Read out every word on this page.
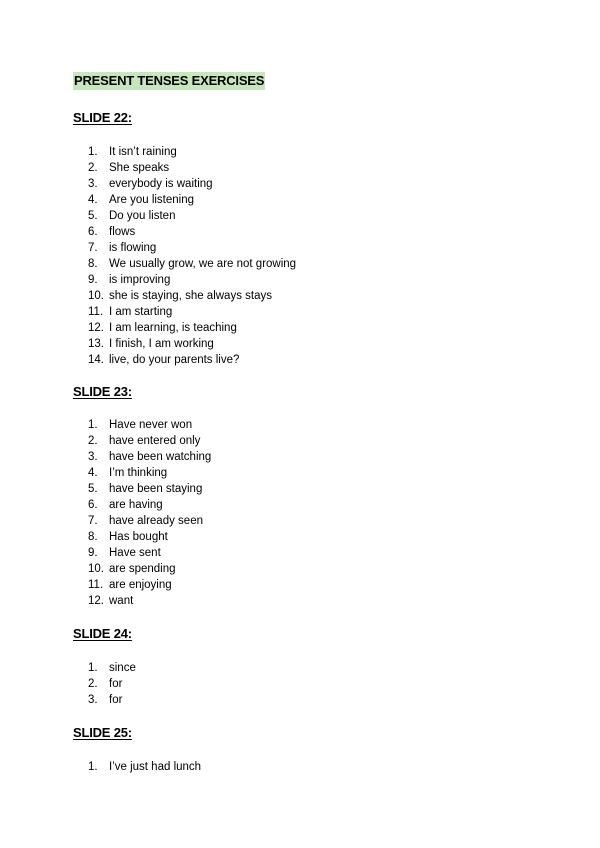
PRESENT TENSES EXERCISES
SLIDE 22:
1. It isn’t raining
2. She speaks
3. everybody is waiting
4. Are you listening
5. Do you listen
6. flows
7. is flowing
8. We usually grow, we are not growing
9. is improving
10. she is staying, she always stays
11. I am starting
12. I am learning, is teaching
13. I finish, I am working
14. live, do your parents live?
SLIDE 23:
1. Have never won
2. have entered only
3. have been watching
4. I’m thinking
5. have been staying
6. are having
7. have already seen
8. Has bought
9. Have sent
10. are spending
11. are enjoying
12. want
SLIDE 24:
1. since
2. for
3. for
SLIDE 25:
1. I’ve just had lunch
